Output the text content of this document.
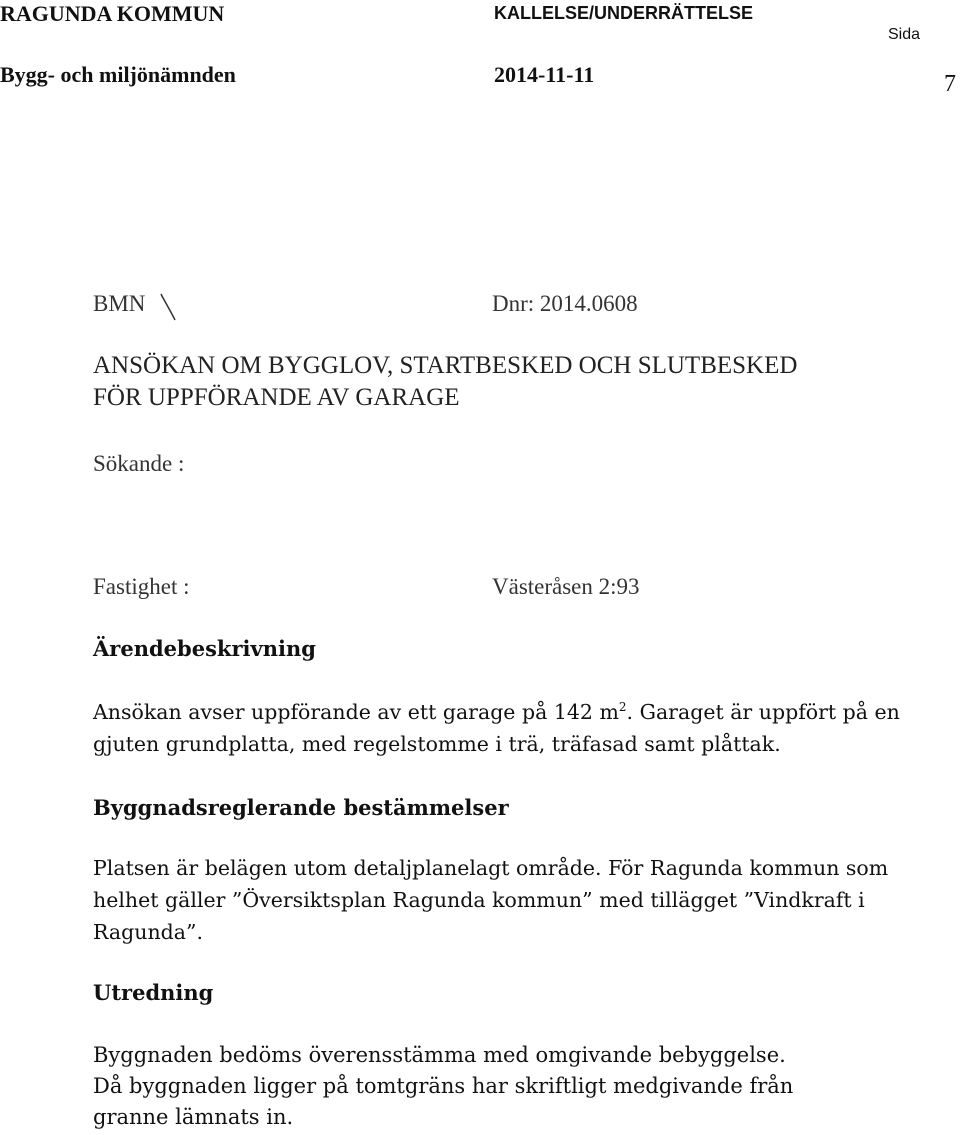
RAGUNDA KOMMUN	KALLELSE/UNDERRÄTTELSE
Sida
Bygg- och miljönämnden	2014-11-11	7
BMN	Dnr: 2014.0608
ANSÖKAN OM BYGGLOV, STARTBESKED OCH SLUTBESKED
FÖR UPPFÖRANDE AV GARAGE
Sökande :
Fastighet :	Västeråsen 2:93
Ärendebeskrivning
Ansökan avser uppförande av ett garage på 142 $m^2$. Garaget är uppfört på en
gjuten grundplatta, med regelstomme i trä, träfasad samt plåttak.
Byggnadsreglerande bestämmelser
Platsen är belägen utom detaljplanelagt område. För Ragunda kommun som
helhet gäller ”Översiktsplan Ragunda kommun” med tillägget ”Vindkraft i
Ragunda”.
Utredning
Byggnaden bedöms överensstämma med omgivande bebyggelse.
Då byggnaden ligger på tomtgräns har skriftligt medgivande från
granne lämnats in.
